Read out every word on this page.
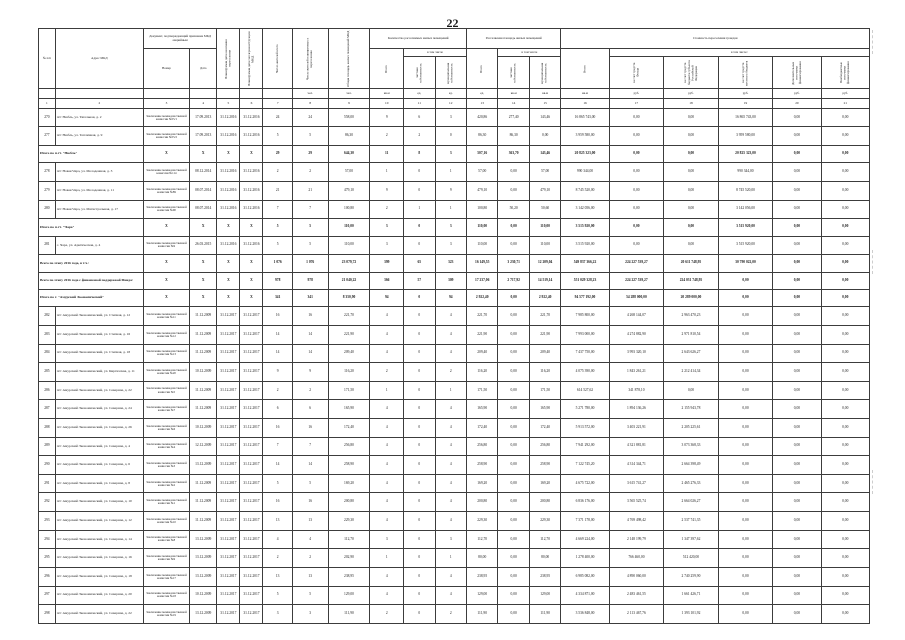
22
№ п/п	Адрес МКД	Документ, подтверждающий признание МКД аварийным		Планируемая дата окончания переселения	Планируемая дата сноса/реконструкции МКД	Число жителей всего	Число жителей планируемых к переселению	Общая площадь жилых помещений МКД	Количество расселяемых жилых помещений			Расселяемая площадь жилых помещений			Стоимость переселения граждан					
		Номер	Дата						Всего	в том числе		Всего	в том числе		Всего	в том числе:				
										частная собственность	муниципальная собственность		частная собственность	муниципальная собственность		за счет средств Фонда	за счет средств бюджета субъекта Российской Федерации	за счет средств местного бюджета	Дополнительные источники финансирования	Внебюджетные источники финансирования
							чел.	чел.	кв.м	ед.	ед.	ед.	кв.м	кв.м	кв.м	руб.	руб.	руб.	руб.	руб.
1	2	3	4	5	6	7	8	9	10	11	12	13	14	15	16	17	18	19	20	21
270	пгт Нюбль, ул. Тягельная, д. 2	Заключение межведомственной комиссии №55/1	17.09.2013	31.12.2016	31.12.2016	24	24	558,00	9	6	3	420,86	277,40	143,46	16 865 743,00	0,00	0,00	16 865 743,00	0,00	0,00
277	пгт Нюбль, ул. Тепличная, д. 9	Заключение межведомственной комиссии №55/2	17.09.2013	31.12.2016	31.12.2016	5	5	86,30	2	2	0	86,30	86,30	0,00	3 959 580,00	0,00	0,00	3 959 580,00	0,00	0,00
Итого по п.гт. "Нюбль"		X	X	X	X	29	29	644,30	11	8	3	507,16	363,70	143,46	20 825 323,00	0,00	0,00	20 825 323,00	0,00	0,00
278	пгт Новая Чара, ул. Молодежная, д. 3	Заключение межведомственной комиссии №114	08.12.2014	31.12.2016	31.12.2016	2	2	57,00	1	0	1	57,00	0,00	57,00	990 344,00	0,00	0,00	990 344,00	0,00	0,00
279	пгт Новая Чара, ул. Молодежная, д. 11	Заключение межведомственной комиссии №89	08.07.2014	31.12.2016	31.12.2016	21	21	479,10	9	0	9	479,10	0,00	479,10	8 745 520,00	0,00	0,00	8 745 520,00	0,00	0,00
280	пгт Новая Чара, ул. Магистральная, д. 17	Заключение межведомственной комиссии №90	08.07.2014	31.12.2016	31.12.2016	7	7	100,80	2	1	1	100,80	50,20	50,60	3 142 056,00	0,00	0,00	3 142 056,00	0,00	0,00
Итого по п.гт. "Чара"		X	X	X	X	5	5	110,00	3	0	3	110,00	0,00	110,00	3 515 920,00	0,00	0,00	3 515 920,00	0,00	0,00
281	с. Чара, ул. Арктическая, д. 4	Заключение межведомственной комиссии №9	26.03.2015	31.12.2016	31.12.2016	5	5	110,00	3	0	3	110,00	0,00	110,00	3 515 920,00	0,00	0,00	3 515 920,00	0,00	0,00
Всего по этапу 2016 года, в т.ч.:		X	X	X	X	1 076	1 076	23 079,72	399	65	323	16 149,55	3 230,71	12 209,04	549 837 366,22	224 227 539,27	20 611 748,95	30 790 022,00	0,00	0,00
Всего по этапу 2016 года с финансовой поддержкой Фонда:		X	X	X	X	978	978	21 040,22	366	57	309	17 237,06	2 717,92	14 519,14	551 029 328,23	224 227 539,27	224 031 748,95	0,00	0,00	0,00
Итого по г. "Амурский Экономический"		X	X	X	X	341	341	8 350,90	94	0	94	2 922,40	0,00	2 922,40	94 577 192,00	54 288 000,00	20 289 000,00	0,00	0,00	0,00
282	пгт Амурский Экономический, ул. Степная, д. 12	Заключение межведомственной комиссии №11	11.12.2009	31.12.2017	31.12.2017	16	16	221,70	4	0	4	221,70	0,00	221,70	7 985 800,00	4 268 144,07	2 963 470,23	0,00	0,00	0,00
283	пгт Амурский Экономический, ул. Степная, д. 16	Заключение межведомственной комиссии №12	11.12.2009	31.12.2017	31.12.2017	14	14	221,90	4	0	4	221,90	0,00	221,90	7 993 000,00	4 274 882,90	2 971 810,54	0,00	0,00	0,00
284	пгт Амурский Экономический, ул. Степная, д. 18	Заключение межведомственной комиссии №13	11.12.2009	31.12.2017	31.12.2017	14	14	209,40	4	0	4	209,40	0,00	209,40	7 437 750,00	3 993 320,10	2 643 626,27	0,00	0,00	0,00
285	пгт Амурский Экономический, ул. Киргизская, д. 11	Заключение межведомственной комиссии №20	10.12.2009	31.12.2017	31.12.2017	9	9	116,20	2	0	2	116,20	0,00	116,20	4 075 390,00	1 843 261,21	2 212 414,34	0,00	0,00	0,00
286	пгт Амурский Экономический, ул. Северная, д. 22	Заключение межведомственной комиссии №5	11.12.2009	31.12.2017	31.12.2017	2	2	171,50	1	0	1	171,50	0,00	171,50	614 527,62	341 878,10	0,00	0,00	0,00	0,00
287	пгт Амурский Экономический, ул. Северная, д. 24	Заключение межведомственной комиссии №7	11.12.2009	31.12.2017	31.12.2017	6	6	165,90	4	0	4	165,90	0,00	165,90	5 271 780,00	1 894 136,26	2 155 943,78	0,00	0,00	0,00
288	пгт Амурский Экономический, ул. Северная, д. 26	Заключение межведомственной комиссии №6	10.12.2009	31.12.2017	31.12.2017	16	16	172,40	4	0	4	172,40	0,00	172,40	5 913 572,00	3 403 221,91	2 205 225,61	0,00	0,00	0,00
289	пгт Амурский Экономический, ул. Северная, д. 4	Заключение межведомственной комиссии №4	12.12.2009	31.12.2017	31.12.2017	7	7	256,80	4	0	4	256,80	0,00	256,80	7 941 292,00	4 321 881,81	3 073 368,33	0,00	0,00	0,00
290	пгт Амурский Экономический, ул. Северная, д. 6	Заключение межведомственной комиссии №3	13.12.2009	31.12.2017	31.12.2017	14	14	258,90	4	0	4	258,90	0,00	258,90	7 122 745,20	4 314 344,71	2 664 398,49	0,00	0,00	0,00
291	пгт Амурский Экономический, ул. Северная, д. 8	Заключение межведомственной комиссии №2	11.12.2009	31.12.2017	31.12.2017	5	5	169,20	4	0	4	169,20	0,00	169,20	4 675 722,00	3 615 741,27	2 465 276,33	0,00	0,00	0,00
292	пгт Амурский Экономический, ул. Северная, д. 10	Заключение межведомственной комиссии №1	11.12.2009	31.12.2017	31.12.2017	16	16	200,80	4	0	4	200,80	0,00	200,80	6 836 176,00	3 565 525,74	2 664 026,27	0,00	0,00	0,00
293	пгт Амурский Экономический, ул. Северная, д. 12	Заключение межведомственной комиссии №10	11.12.2009	31.12.2017	31.12.2017	13	13	229,30	4	0	4	229,30	0,00	229,30	7 371 178,00	4 769 498,42	2 537 741,35	0,00	0,00	0,00
294	пгт Амурский Экономический, ул. Северная, д. 14	Заключение межведомственной комиссии №8	13.12.2009	31.12.2017	31.12.2017	4	4	112,70	3	0	3	112,70	0,00	112,70	4 669 224,00	2 148 199,79	1 347 397,62	0,00	0,00	0,00
295	пгт Амурский Экономический, ул. Северная, д. 16	Заключение межведомственной комиссии №9	13.12.2009	31.12.2017	31.12.2017	2	2	202,90	1	0	1	80,00	0,00	80,00	1 278 400,00	766 460,00	512 420,00	0,00	0,00	0,00
296	пгт Амурский Экономический, ул. Северная, д. 18	Заключение межведомственной комиссии №17	13.12.2009	31.12.2017	31.12.2017	13	13	238,95	4	0	4	238,95	0,00	238,95	6 985 082,00	4 890 060,00	2 740 259,90	0,00	0,00	0,00
297	пгт Амурский Экономический, ул. Северная, д. 20	Заключение межведомственной комиссии №18	10.12.2009	31.12.2017	31.12.2017	5	5	129,00	4	0	4	129,00	0,00	129,00	4 334 871,00	2 483 461,55	1 661 426,71	0,00	0,00	0,00
298	пгт Амурский Экономический, ул. Северная, д. 22	Заключение межведомственной комиссии №19	13.12.2009	31.12.2017	31.12.2017	3	3	111,90	2	0	2	111,90	0,00	111,90	3 536 848,00	2 113 467,76	1 393 101,92	0,00	0,00	0,00
